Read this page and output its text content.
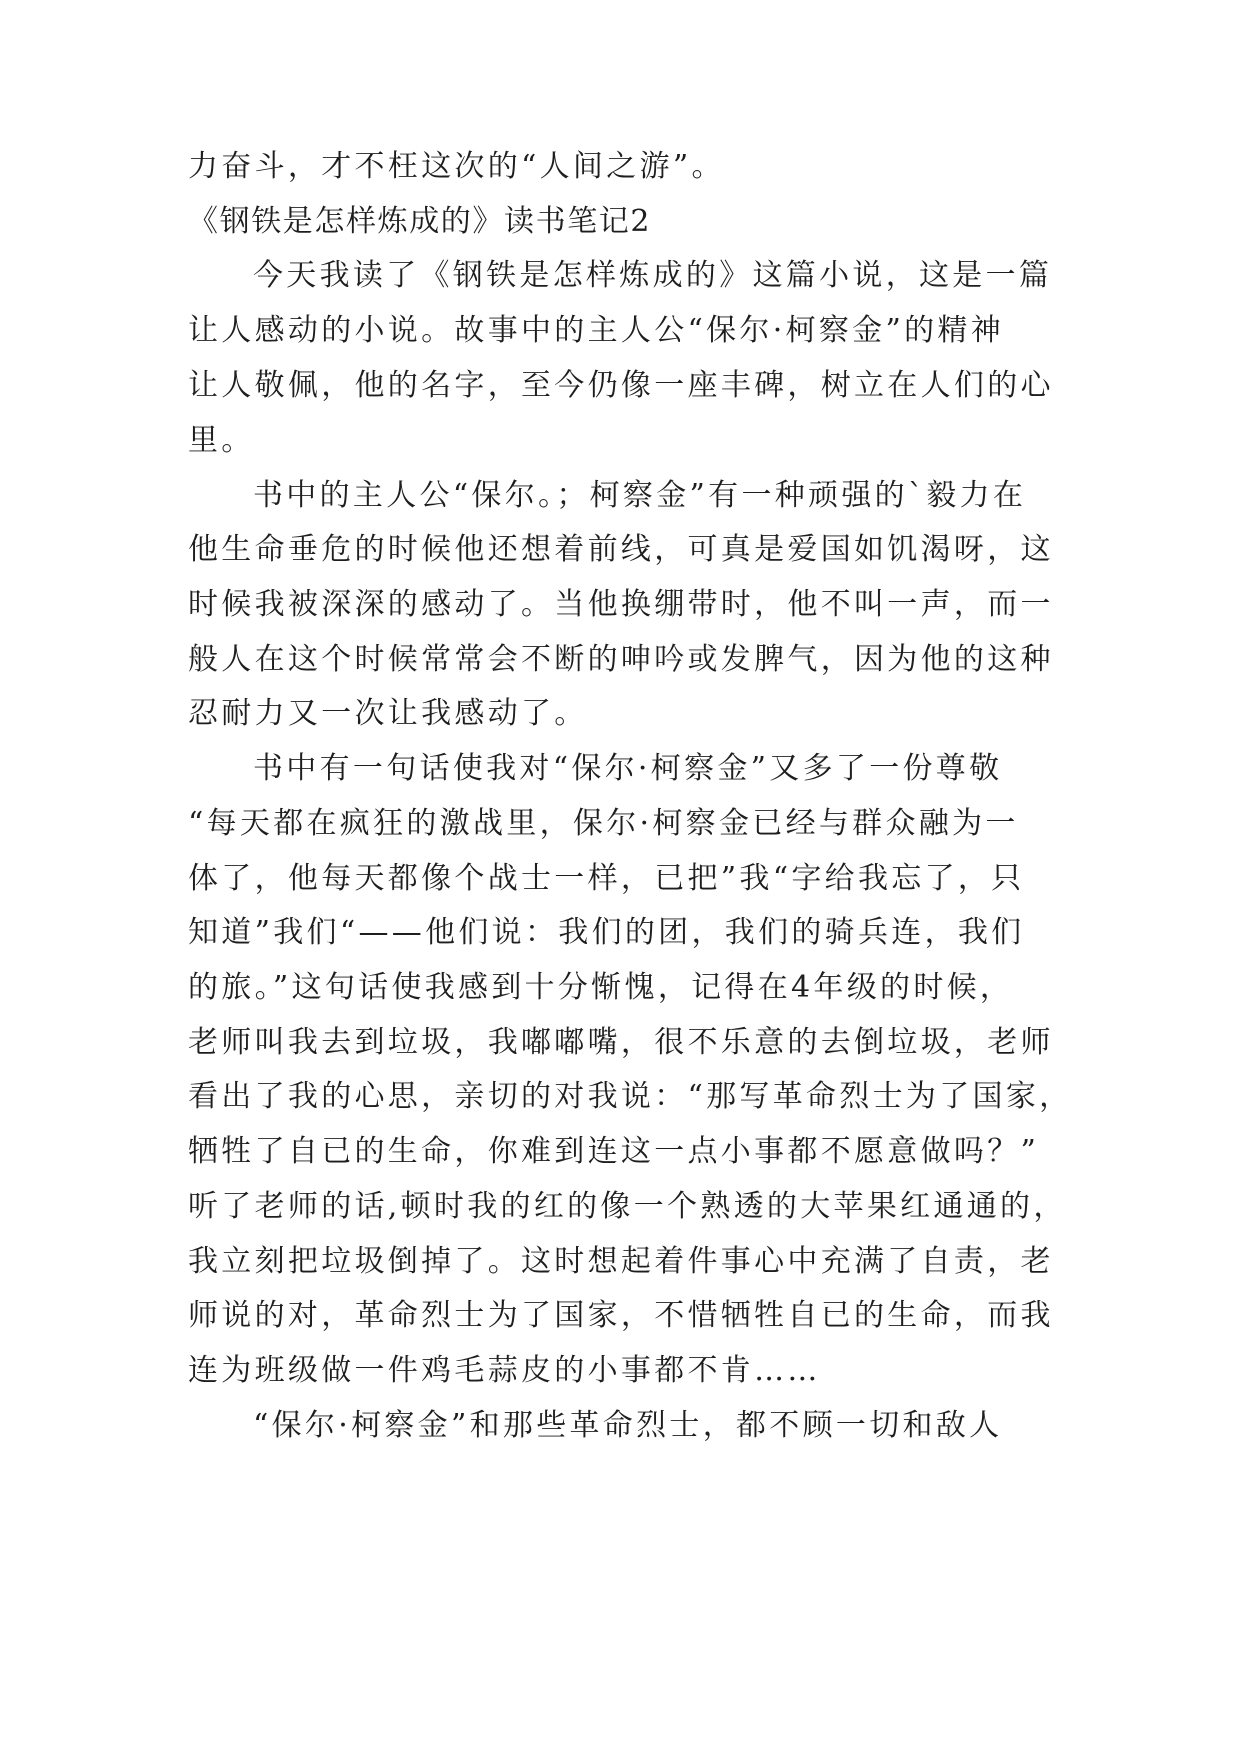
力奋斗，才不枉这次的“人间之游”。

《钢铁是怎样炼成的》读书笔记2

今天我读了《钢铁是怎样炼成的》这篇小说，这是一篇

让人感动的小说。故事中的主人公“保尔·柯察金”的精神

让人敬佩，他的名字，至今仍像一座丰碑，树立在人们的心

里。

书中的主人公“保尔。；柯察金”有一种顽强的`毅力在

他生命垂危的时候他还想着前线，可真是爱国如饥渴呀，这

时候我被深深的感动了。当他换绷带时，他不叫一声，而一

般人在这个时候常常会不断的呻吟或发脾气，因为他的这种

忍耐力又一次让我感动了。

书中有一句话使我对“保尔·柯察金”又多了一份尊敬

“每天都在疯狂的激战里，保尔·柯察金已经与群众融为一

体了，他每天都像个战士一样，已把”我“字给我忘了，只

知道”我们“——他们说：我们的团，我们的骑兵连，我们

的旅。”这句话使我感到十分惭愧，记得在4年级的时候，

老师叫我去到垃圾，我嘟嘟嘴，很不乐意的去倒垃圾，老师

看出了我的心思，亲切的对我说：“那写革命烈士为了国家，

牺牲了自已的生命，你难到连这一点小事都不愿意做吗？”

听了老师的话,顿时我的红的像一个熟透的大苹果红通通的，

我立刻把垃圾倒掉了。这时想起着件事心中充满了自责，老

师说的对，革命烈士为了国家，不惜牺牲自已的生命，而我

连为班级做一件鸡毛蒜皮的小事都不肯……

“保尔·柯察金”和那些革命烈士，都不顾一切和敌人
